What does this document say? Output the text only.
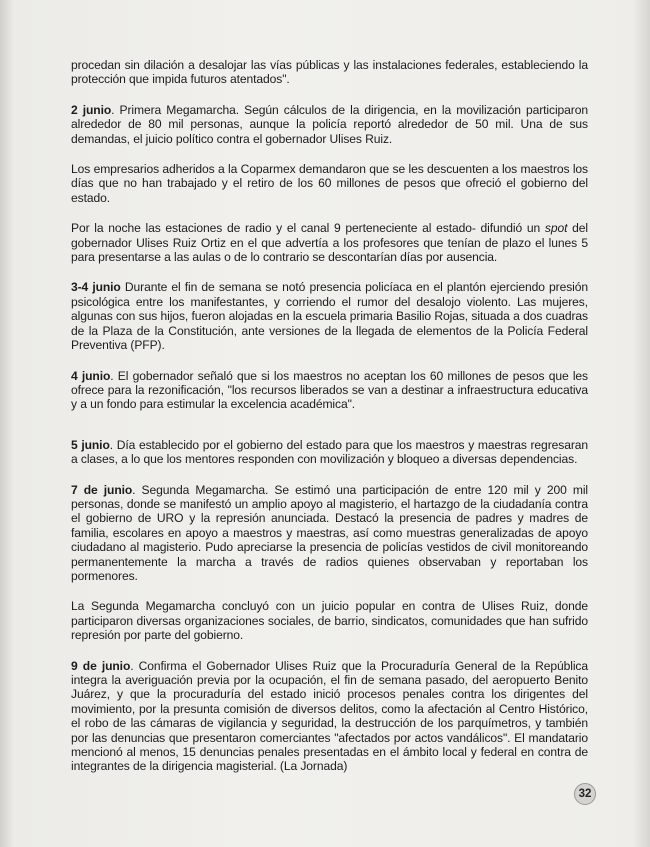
procedan sin dilación a desalojar las vías públicas y las instalaciones federales, estableciendo la protección que impida futuros atentados".

2 junio. Primera Megamarcha. Según cálculos de la dirigencia, en la movilización participaron alrededor de 80 mil personas, aunque la policía reportó alrededor de 50 mil. Una de sus demandas, el juicio político contra el gobernador Ulises Ruiz.

Los empresarios adheridos a la Coparmex demandaron que se les descuenten a los maestros los días que no han trabajado y el retiro de los 60 millones de pesos que ofreció el gobierno del estado.

Por la noche las estaciones de radio y el canal 9 perteneciente al estado- difundió un spot del gobernador Ulises Ruiz Ortiz en el que advertía a los profesores que tenían de plazo el lunes 5 para presentarse a las aulas o de lo contrario se descontarían días por ausencia.

3-4 junio Durante el fin de semana se notó presencia policíaca en el plantón ejerciendo presión psicológica entre los manifestantes, y corriendo el rumor del desalojo violento. Las mujeres, algunas con sus hijos, fueron alojadas en la escuela primaria Basilio Rojas, situada a dos cuadras de la Plaza de la Constitución, ante versiones de la llegada de elementos de la Policía Federal Preventiva (PFP).

4 junio. El gobernador señaló que si los maestros no aceptan los 60 millones de pesos que les ofrece para la rezonificación, "los recursos liberados se van a destinar a infraestructura educativa y a un fondo para estimular la excelencia académica".

5 junio. Día establecido por el gobierno del estado para que los maestros y maestras regresaran a clases, a lo que los mentores responden con movilización y bloqueo a diversas dependencias.

7 de junio. Segunda Megamarcha. Se estimó una participación de entre 120 mil y 200 mil personas, donde se manifestó un amplio apoyo al magisterio, el hartazgo de la ciudadanía contra el gobierno de URO y la represión anunciada. Destacó la presencia de padres y madres de familia, escolares en apoyo a maestros y maestras, así como muestras generalizadas de apoyo ciudadano al magisterio. Pudo apreciarse la presencia de policías vestidos de civil monitoreando permanentemente la marcha a través de radios quienes observaban y reportaban los pormenores.

La Segunda Megamarcha concluyó con un juicio popular en contra de Ulises Ruiz, donde participaron diversas organizaciones sociales, de barrio, sindicatos, comunidades que han sufrido represión por parte del gobierno.

9 de junio. Confirma el Gobernador Ulises Ruiz que la Procuraduría General de la República integra la averiguación previa por la ocupación, el fin de semana pasado, del aeropuerto Benito Juárez, y que la procuraduría del estado inició procesos penales contra los dirigentes del movimiento, por la presunta comisión de diversos delitos, como la afectación al Centro Histórico, el robo de las cámaras de vigilancia y seguridad, la destrucción de los parquímetros, y también por las denuncias que presentaron comerciantes "afectados por actos vandálicos". El mandatario mencionó al menos, 15 denuncias penales presentadas en el ámbito local y federal en contra de integrantes de la dirigencia magisterial. (La Jornada)

32
